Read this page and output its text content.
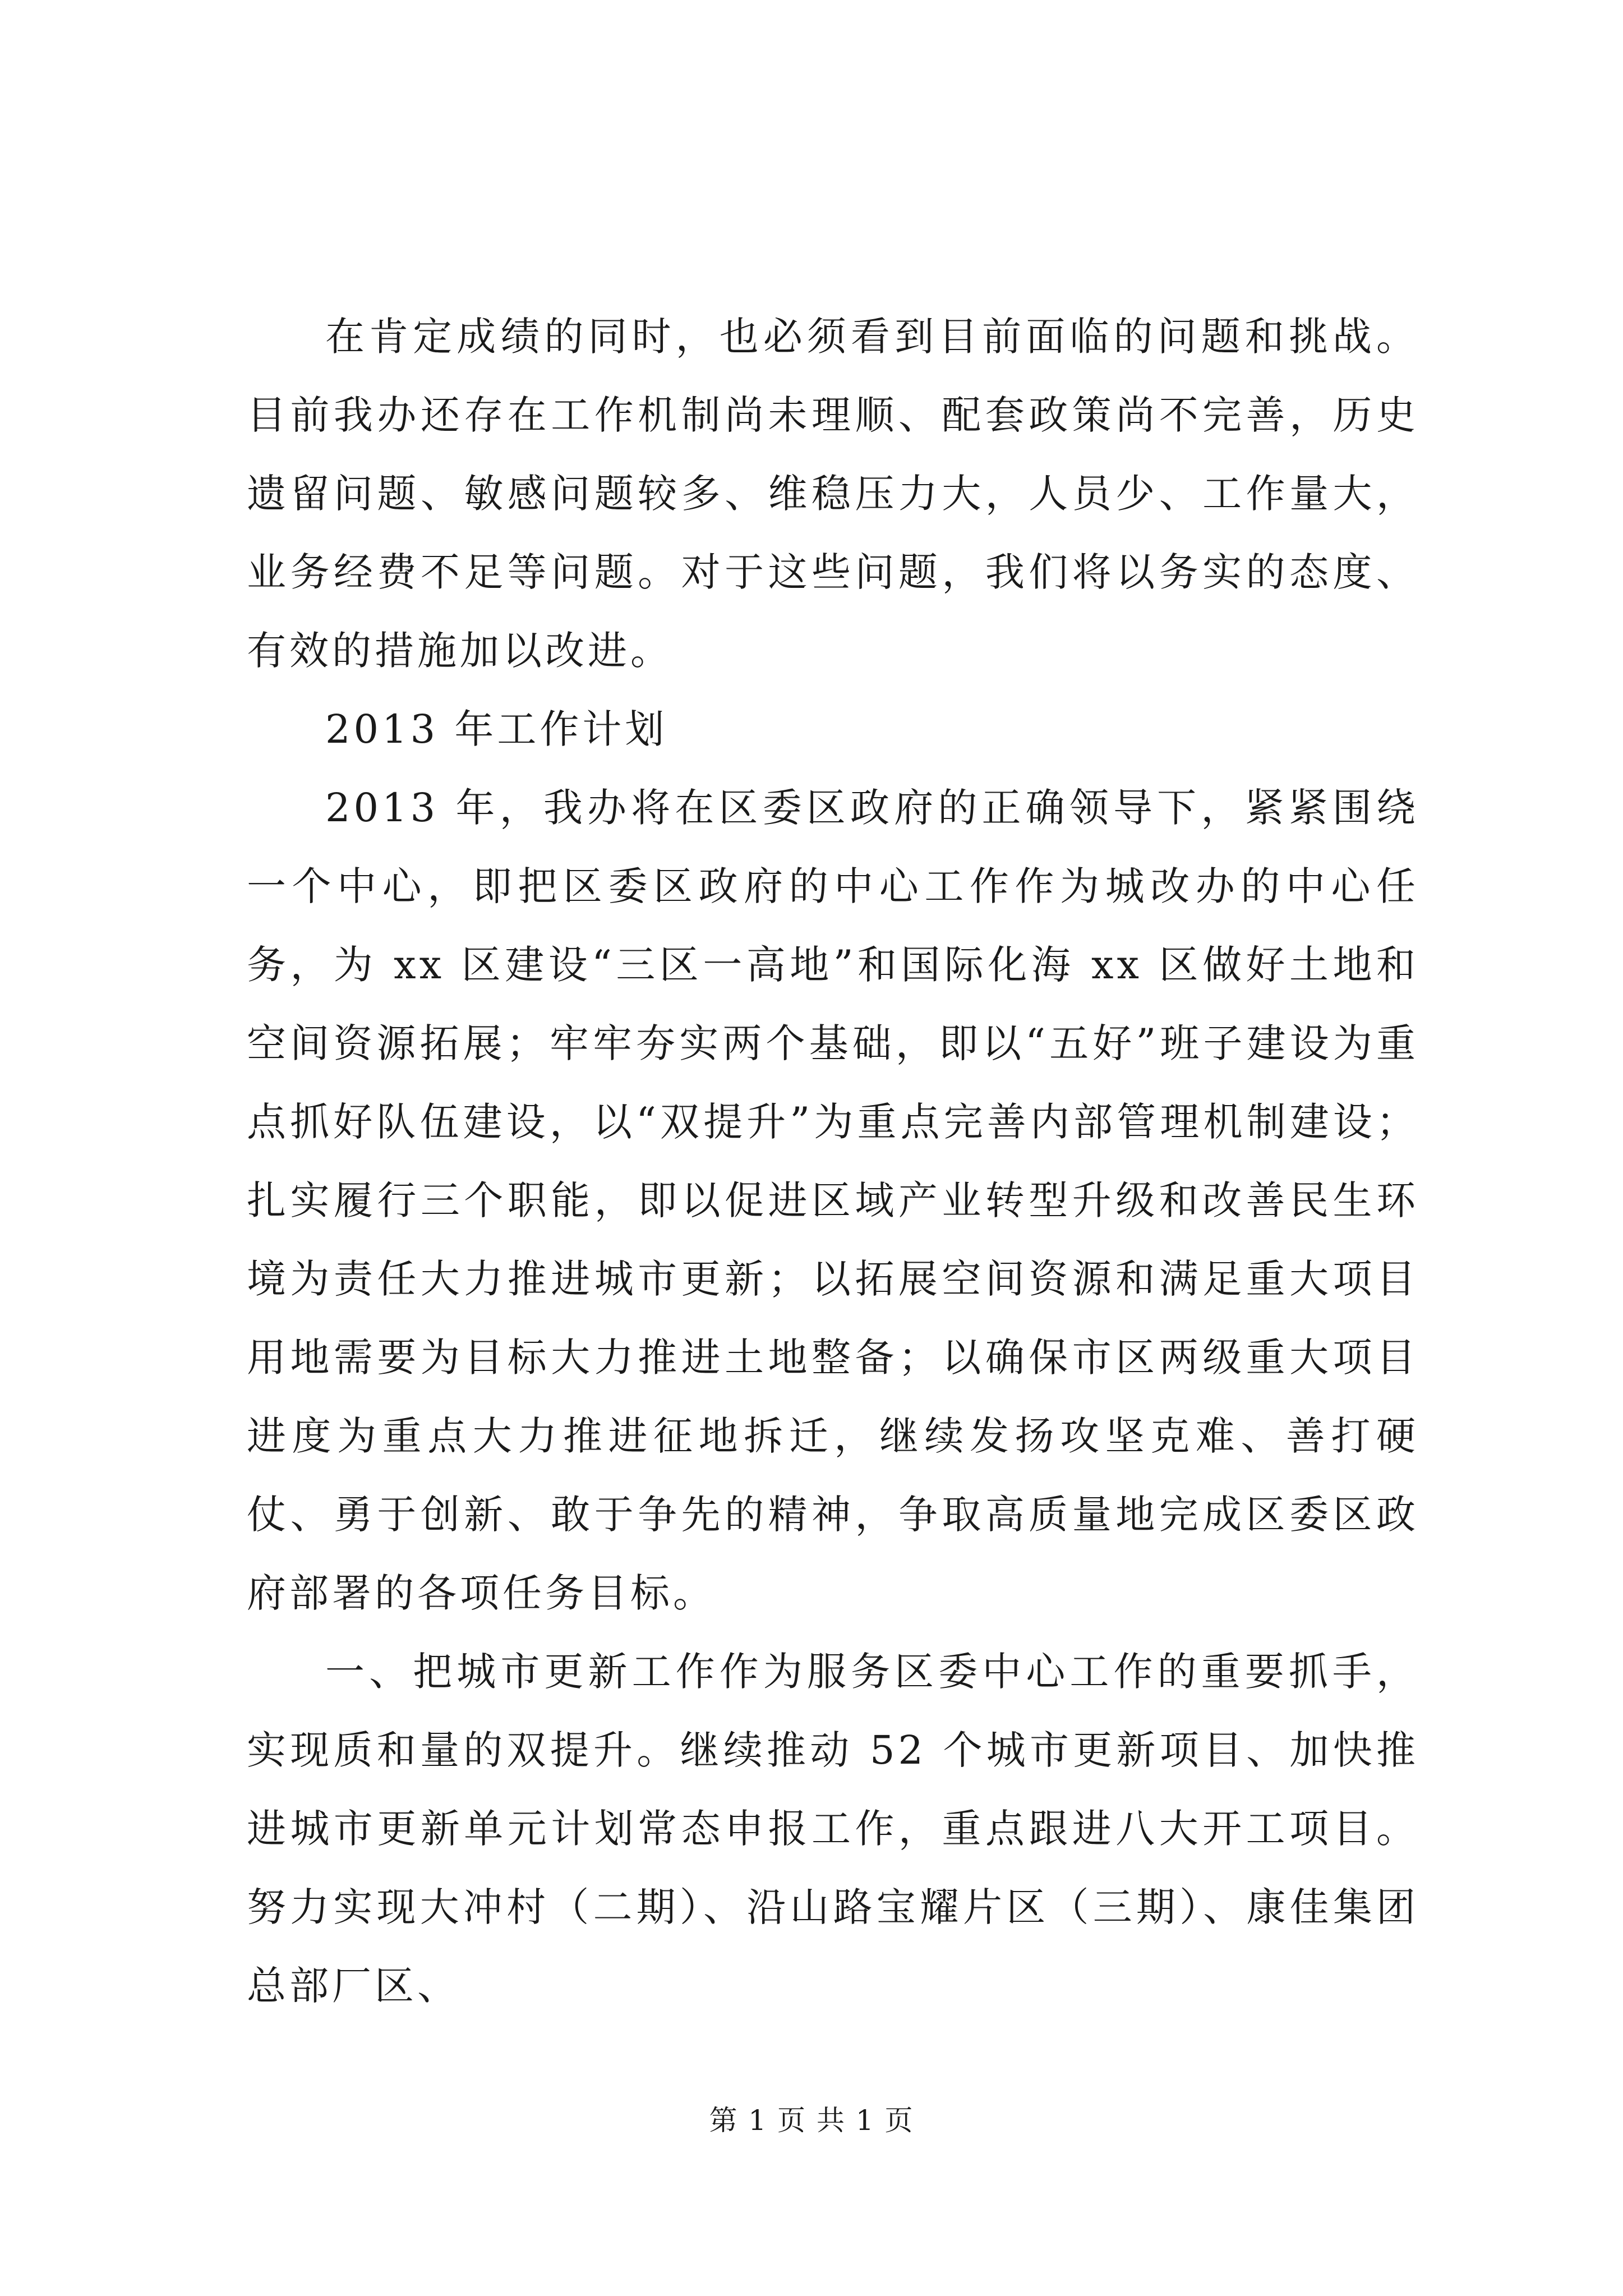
在肯定成绩的同时，也必须看到目前面临的问题和挑战。目前我办还存在工作机制尚未理顺、配套政策尚不完善，历史遗留问题、敏感问题较多、维稳压力大，人员少、工作量大，业务经费不足等问题。对于这些问题，我们将以务实的态度、有效的措施加以改进。

2013 年工作计划

2013 年，我办将在区委区政府的正确领导下，紧紧围绕一个中心，即把区委区政府的中心工作作为城改办的中心任务，为 xx 区建设“三区一高地”和国际化海 xx 区做好土地和空间资源拓展；牢牢夯实两个基础，即以“五好”班子建设为重点抓好队伍建设，以“双提升”为重点完善内部管理机制建设；扎实履行三个职能，即以促进区域产业转型升级和改善民生环境为责任大力推进城市更新；以拓展空间资源和满足重大项目用地需要为目标大力推进土地整备；以确保市区两级重大项目进度为重点大力推进征地拆迁，继续发扬攻坚克难、善打硬仗、勇于创新、敢于争先的精神，争取高质量地完成区委区政府部署的各项任务目标。

一、把城市更新工作作为服务区委中心工作的重要抓手，实现质和量的双提升。继续推动 52 个城市更新项目、加快推进城市更新单元计划常态申报工作，重点跟进八大开工项目。努力实现大冲村（二期）、沿山路宝耀片区（三期）、康佳集团总部厂区、

第 1 页 共 1 页
